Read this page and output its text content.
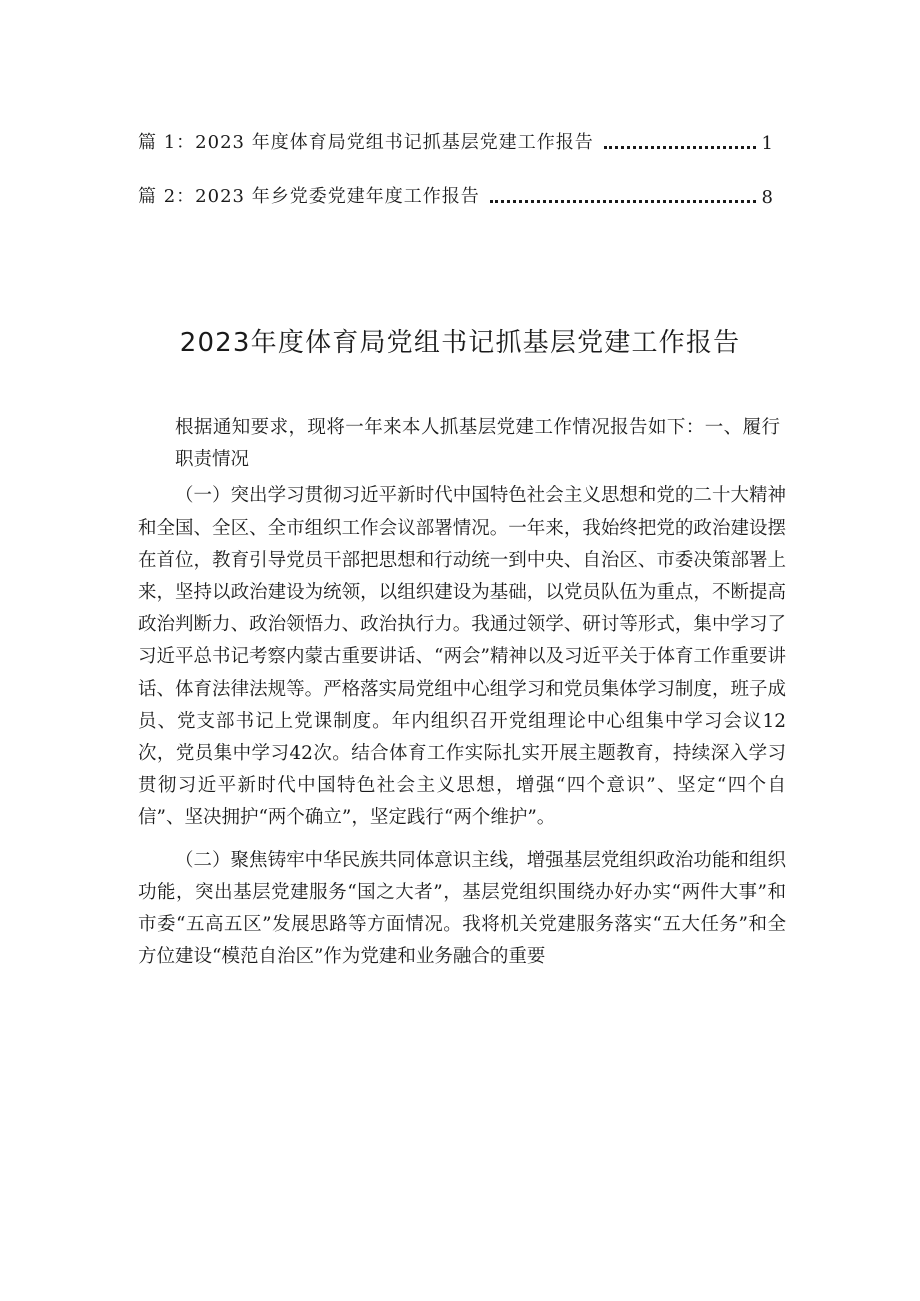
篇 1：2023 年度体育局党组书记抓基层党建工作报告	1
篇 2：2023 年乡党委党建年度工作报告	8
2023年度体育局党组书记抓基层党建工作报告

根据通知要求，现将一年来本人抓基层党建工作情况报告如下：一、履行职责情况

（一）突出学习贯彻习近平新时代中国特色社会主义思想和党的二十大精神和全国、全区、全市组织工作会议部署情况。一年来，我始终把党的政治建设摆在首位，教育引导党员干部把思想和行动统一到中央、自治区、市委决策部署上来，坚持以政治建设为统领，以组织建设为基础，以党员队伍为重点，不断提高政治判断力、政治领悟力、政治执行力。我通过领学、研讨等形式，集中学习了习近平总书记考察内蒙古重要讲话、“两会”精神以及习近平关于体育工作重要讲话、体育法律法规等。严格落实局党组中心组学习和党员集体学习制度，班子成员、党支部书记上党课制度。年内组织召开党组理论中心组集中学习会议12次，党员集中学习42次。结合体育工作实际扎实开展主题教育，持续深入学习贯彻习近平新时代中国特色社会主义思想，增强“四个意识”、坚定“四个自信”、坚决拥护“两个确立”，坚定践行“两个维护”。

（二）聚焦铸牢中华民族共同体意识主线，增强基层党组织政治功能和组织功能，突出基层党建服务“国之大者”，基层党组织围绕办好办实“两件大事”和市委“五高五区”发展思路等方面情况。我将机关党建服务落实“五大任务”和全方位建设“模范自治区”作为党建和业务融合的重要
